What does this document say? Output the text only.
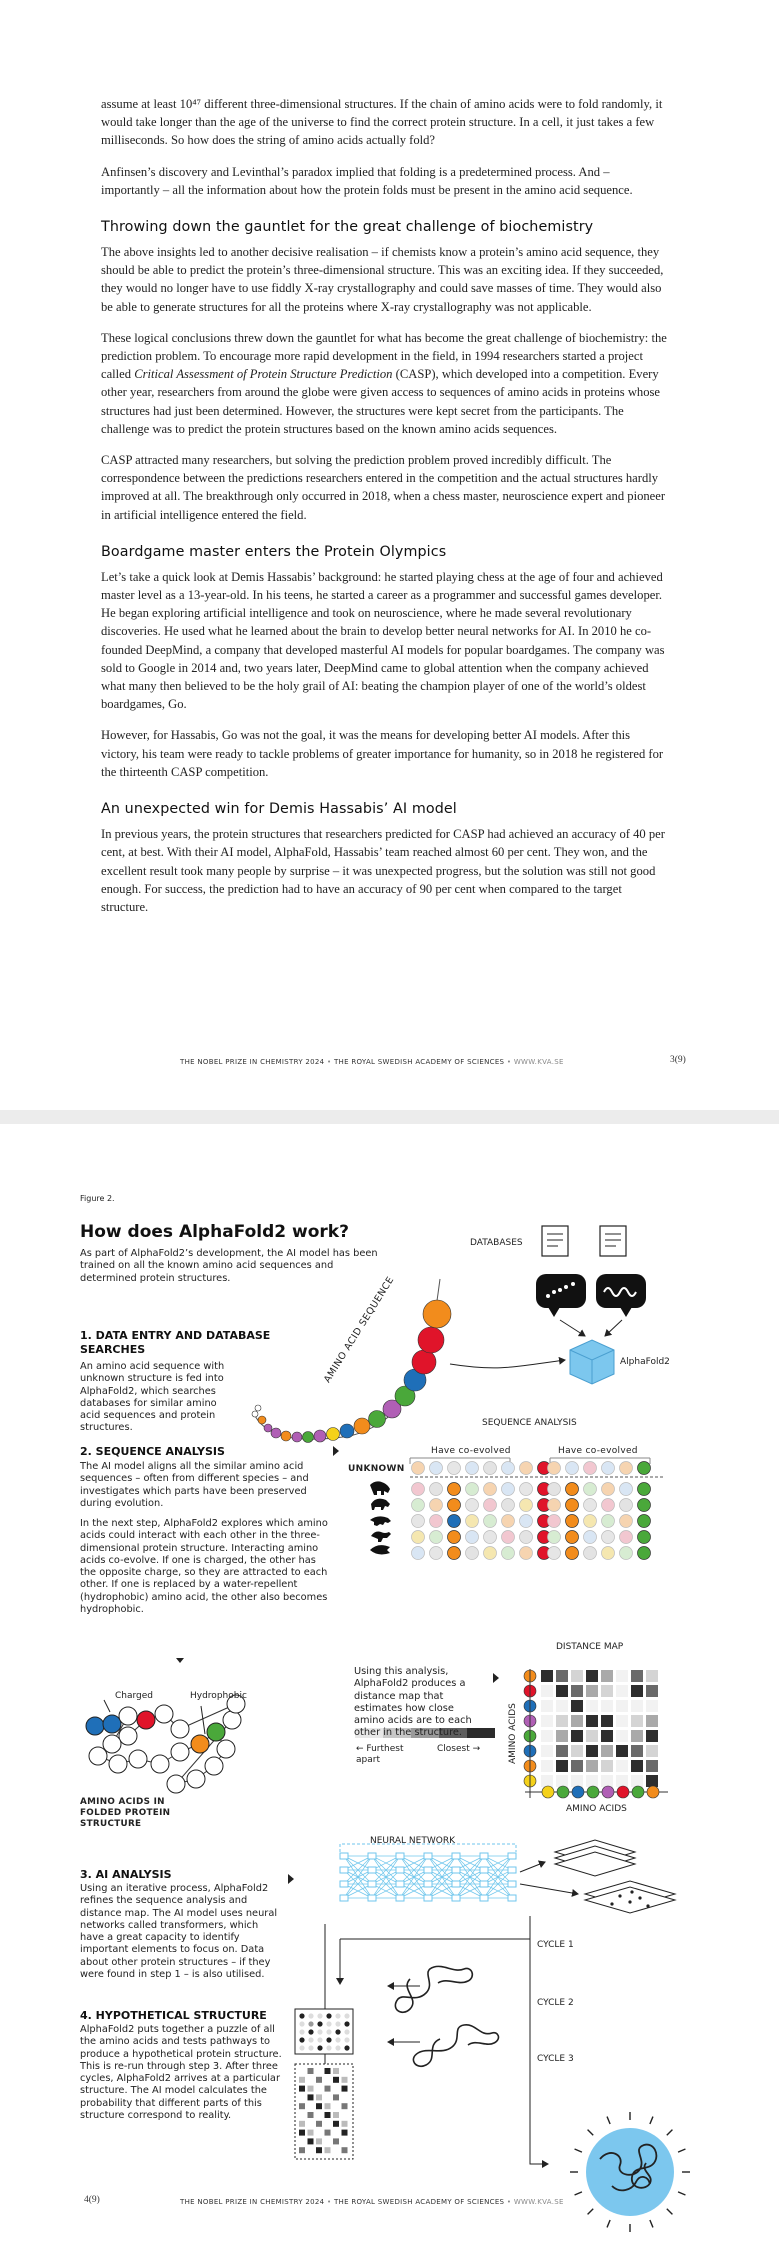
assume at least 10⁴⁷ different three-dimensional structures. If the chain of amino acids were to fold randomly, it would take longer than the age of the universe to find the correct protein structure. In a cell, it just takes a few milliseconds. So how does the string of amino acids actually fold?

Anfinsen’s discovery and Levinthal’s paradox implied that folding is a predetermined process. And – importantly – all the information about how the protein folds must be present in the amino acid sequence.

Throwing down the gauntlet for the great challenge of biochemistry

The above insights led to another decisive realisation – if chemists know a protein’s amino acid sequence, they should be able to predict the protein’s three-dimensional structure. This was an exciting idea. If they succeeded, they would no longer have to use fiddly X-ray crystallography and could save masses of time. They would also be able to generate structures for all the proteins where X-ray crystallography was not applicable.

These logical conclusions threw down the gauntlet for what has become the great challenge of biochemistry: the prediction problem. To encourage more rapid development in the field, in 1994 researchers started a project called Critical Assessment of Protein Structure Prediction (CASP), which developed into a competition. Every other year, researchers from around the globe were given access to sequences of amino acids in proteins whose structures had just been determined. However, the structures were kept secret from the participants. The challenge was to predict the protein structures based on the known amino acids sequences.

CASP attracted many researchers, but solving the prediction problem proved incredibly difficult. The correspondence between the predictions researchers entered in the competition and the actual structures hardly improved at all. The breakthrough only occurred in 2018, when a chess master, neuroscience expert and pioneer in artificial intelligence entered the field.

Boardgame master enters the Protein Olympics

Let’s take a quick look at Demis Hassabis’ background: he started playing chess at the age of four and achieved master level as a 13-year-old. In his teens, he started a career as a programmer and successful games developer. He began exploring artificial intelligence and took on neuroscience, where he made several revolutionary discoveries. He used what he learned about the brain to develop better neural networks for AI. In 2010 he co-founded DeepMind, a company that developed masterful AI models for popular boardgames. The company was sold to Google in 2014 and, two years later, DeepMind came to global attention when the company achieved what many then believed to be the holy grail of AI: beating the champion player of one of the world’s oldest boardgames, Go.

However, for Hassabis, Go was not the goal, it was the means for developing better AI models. After this victory, his team were ready to tackle problems of greater importance for humanity, so in 2018 he registered for the thirteenth CASP competition.

An unexpected win for Demis Hassabis’ AI model

In previous years, the protein structures that researchers predicted for CASP had achieved an accuracy of 40 per cent, at best. With their AI model, AlphaFold, Hassabis’ team reached almost 60 per cent. They won, and the excellent result took many people by surprise – it was unexpected progress, but the solution was still not good enough. For success, the prediction had to have an accuracy of 90 per cent when compared to the target structure.

THE NOBEL PRIZE IN CHEMISTRY 2024 • THE ROYAL SWEDISH ACADEMY OF SCIENCES • WWW.KVA.SE	3(9)
Figure 2.
How does AlphaFold2 work?
As part of AlphaFold2’s development, the AI model has been trained on all the known amino acid sequences and determined protein structures.
1. DATA ENTRY AND DATABASE SEARCHES
An amino acid sequence with unknown structure is fed into AlphaFold2, which searches databases for similar amino acid sequences and protein structures.
2. SEQUENCE ANALYSIS
The AI model aligns all the similar amino acid sequences – often from different species – and investigates which parts have been preserved during evolution.
In the next step, AlphaFold2 explores which amino acids could interact with each other in the three-dimensional protein structure. Interacting amino acids co-evolve. If one is charged, the other has the opposite charge, so they are attracted to each other. If one is replaced by a water-repellent (hydrophobic) amino acid, the other also becomes hydrophobic.
3. AI ANALYSIS
Using an iterative process, AlphaFold2 refines the sequence analysis and distance map. The AI model uses neural networks called transformers, which have a great capacity to identify important elements to focus on. Data about other protein structures – if they were found in step 1 – is also utilised.
4. HYPOTHETICAL STRUCTURE
AlphaFold2 puts together a puzzle of all the amino acids and tests pathways to produce a hypothetical protein structure. This is re-run through step 3. After three cycles, AlphaFold2 arrives at a particular structure. The AI model calculates the probability that different parts of this structure correspond to reality.
DATABASES
AlphaFold2
AMINO ACID SEQUENCE
SEQUENCE ANALYSIS
Have co-evolved	Have co-evolved
UNKNOWN
DISTANCE MAP
Using this analysis, AlphaFold2 produces a distance map that estimates how close amino acids are to each other in the structure.
← Furthest apart
Closest →	AMINO ACIDS
AMINO ACIDS
Charged	Hydrophobic
AMINO ACIDS IN FOLDED PROTEIN STRUCTURE
NEURAL NETWORK
CYCLE 1
CYCLE 2
CYCLE 3
4(9)	THE NOBEL PRIZE IN CHEMISTRY 2024 • THE ROYAL SWEDISH ACADEMY OF SCIENCES • WWW.KVA.SE
